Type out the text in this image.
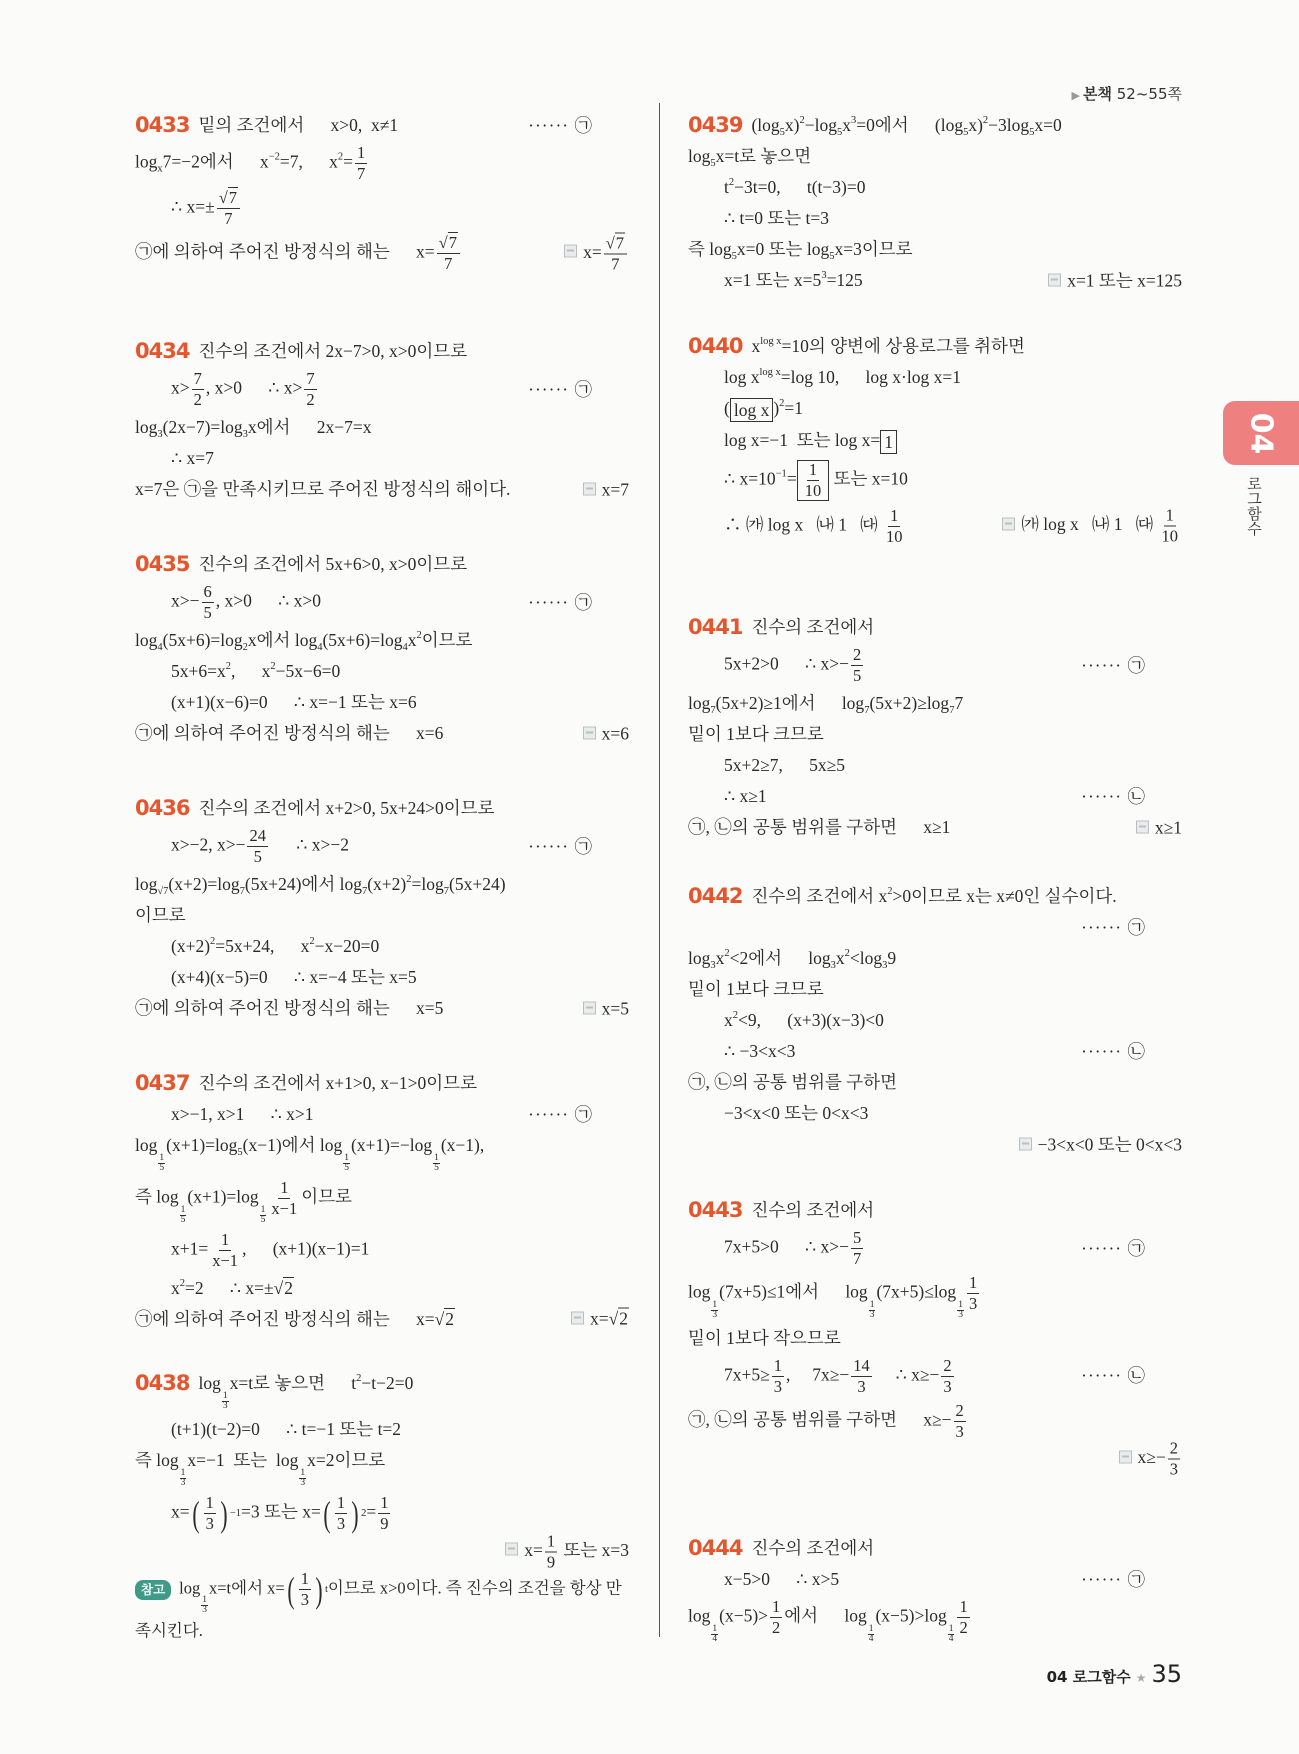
▶ 본책 52~55쪽
0433 밑의 조건에서      x>0,  x≠1	······ ㉠
$\log_x7=-2$에서      $x^{-2}=7$,      $x^2= \frac{1}{7}$
∴ $x=\pm \frac{√7}{7}$
㉠에 의하여 주어진 방정식의 해는      $x= \frac{√7}{7}$	$x= \frac{√7}{7}$
0434 진수의 조건에서 2x−7>0, x>0이므로
$x> \frac{7}{2}$ , x>0      ∴ $x> \frac{7}{2}$	······ ㉠
$\log_3(2x-7)=\log_3x$에서      2x−7=x
∴ x=7
x=7은 ㉠을 만족시키므로 주어진 방정식의 해이다.	x=7
0435 진수의 조건에서 5x+6>0, x>0이므로
$x>- \frac{6}{5}$ , x>0      ∴ x>0	······ ㉠
$\log_4(5x+6)=\log_2x$에서 $\log_4(5x+6)=\log_4x^2$이므로
$5x+6=x^2$,      $x^2-5x-6=0$
(x+1)(x−6)=0      ∴ x=−1 또는 x=6
㉠에 의하여 주어진 방정식의 해는      x=6	x=6
0436 진수의 조건에서 x+2>0, 5x+24>0이므로
x>−2, $x>- \frac{24}{5}$ ∴ x>−2	······ ㉠
$\log_{√7}(x+2)=\log_7(5x+24)$에서 $\log_7(x+2)^2=\log_7(5x+24)$
이므로
$(x+2)^2=5x+24$,      $x^2-x-20=0$
(x+4)(x−5)=0      ∴ x=−4 또는 x=5
㉠에 의하여 주어진 방정식의 해는      x=5	x=5
0437 진수의 조건에서 x+1>0, x−1>0이므로
x>−1, x>1      ∴ x>1	······ ㉠
log
$\frac{1}{5}$
$(x+1)=\log_5(x-1)$에서 log
$\frac{1}{5}$
(x+1)=−log
$\frac{1}{5}$
(x−1),
즉 log
$\frac{1}{5}$
(x+1)=log
$\frac{1}{5} \frac{1}{x-1}$ 이므로
$x+1= \frac{1}{x-1}$ ,      (x+1)(x−1)=1
$x^2=2$      ∴ x=±√2
㉠에 의하여 주어진 방정식의 해는      x=√2	x=√2
0438 log
$\frac{1}{3}$
x=t로 놓으면      $t^2-t-2=0$
(t+1)(t−2)=0      ∴ t=−1 또는 t=2
즉 log
$\frac{1}{3}$
x=−1  또는  log
$\frac{1}{3}$
x=2이므로
x= ( $\frac{1}{3}$ ) −1 =3 또는 x= ( $\frac{1}{3}$ ) $2 = \frac{1}{9}$
$x= \frac{1}{9}$ 또는 x=3
참고 log
$\frac{1}{3}$
x=t에서 x= ( $\frac{1}{3}$ ) t 이므로 x>0이다. 즉 진수의 조건을 항상 만족시킨다.
0439 $(\log_5x)^2-\log_5x^3=0$에서      $(\log_5x)^2-3\log_5x=0$
$\log_5x=t$로 놓으면
$t^2-3t=0$,      t(t−3)=0
∴ t=0 또는 t=3
즉 $\log_5x=0$ 또는 $\log_5x=3$이므로
x=1 또는 $x=5^3=125$	x=1 또는 x=125
0440 $x^{log x}=10$의 양변에 상용로그를 취하면
$\log x^{log x}=\log$ 10,      log x·log x=1
( log x )$^2$=1
log x=−1  또는 log x= 1
∴ $x=10^{-1}= \frac{1}{10}$ 또는 x=10
∴ ㈎ log x   ㈏ 1   ㈐ $\frac{1}{10}$	㈎ log x   ㈏ 1   ㈐ $\frac{1}{10}$
0441 진수의 조건에서
5x+2>0      ∴ $x>- \frac{2}{5}$	······ ㉠
$\log_7(5x+2)\ge 1$에서      $\log_7(5x+2)\ge\log_77$
밑이 1보다 크므로
5x+2≥7,      5x≥5
∴ x≥1	······ ㉡
㉠, ㉡의 공통 범위를 구하면      x≥1	x≥1
0442 진수의 조건에서 $x^2>0$이므로 x는 x≠0인 실수이다.
······ ㉠
$\log_3x^2<2$에서      $\log_3x^2<\log_39$
밑이 1보다 크므로
$x^2<9$,      (x+3)(x−3)<0
∴ −3<x<3	······ ㉡
㉠, ㉡의 공통 범위를 구하면
−3<x<0 또는 0<x<3
−3<x<0 또는 0<x<3
0443 진수의 조건에서
7x+5>0      ∴ $x>- \frac{5}{7}$	······ ㉠
log
$\frac{1}{3}$
(7x+5)≤1에서      log
$\frac{1}{3}$
(7x+5)≤log
$\frac{1}{3} \frac{1}{3}$
밑이 1보다 작으므로
$7x+5\ge \frac{1}{3}$ ,     $7x\ge- \frac{14}{3}$ ∴ $x\ge- \frac{2}{3}$	······ ㉡
㉠, ㉡의 공통 범위를 구하면      $x\ge- \frac{2}{3}$
$x\ge- \frac{2}{3}$
0444 진수의 조건에서
x−5>0      ∴ x>5	······ ㉠
log
$\frac{1}{4}$
$(x-5)> \frac{1}{2}$ 에서      log
$\frac{1}{4}$
(x−5)>log
$\frac{1}{4} \frac{1}{2}$
04
로그함수
04 로그함수 ★ 35
